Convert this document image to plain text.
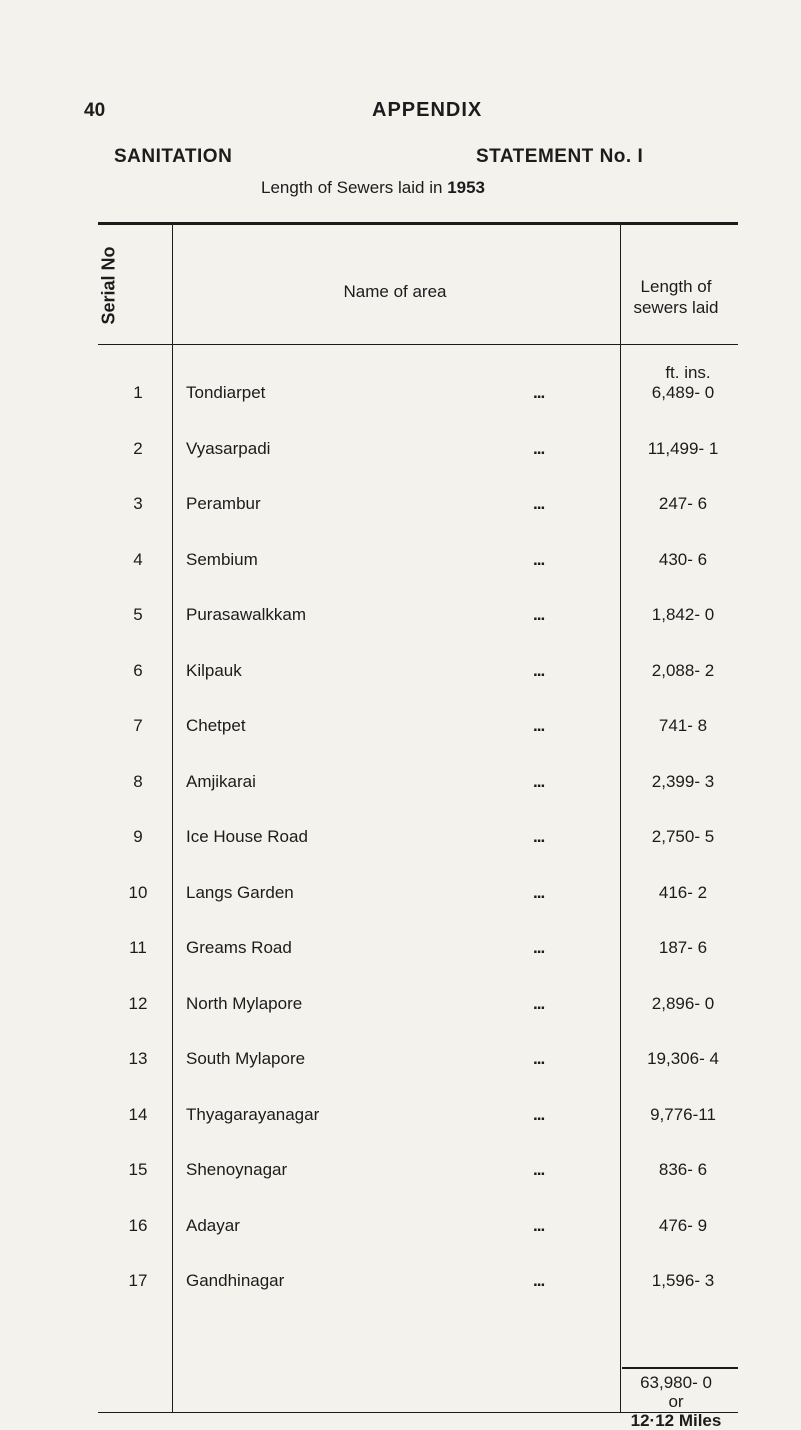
40	APPENDIX
SANITATION	STATEMENT No. I
Length of Sewers laid in 1953
Serial No	Name of area	Length of
sewers laid
ft. ins.
1	Tondiarpet	...	6,489- 0
2	Vyasarpadi	...	11,499- 1
3	Perambur	...	247- 6
4	Sembium	...	430- 6
5	Purasawalkkam	...	1,842- 0
6	Kilpauk	...	2,088- 2
7	Chetpet	...	741- 8
8	Amjikarai	...	2,399- 3
9	Ice House Road	...	2,750- 5
10	Langs Garden	...	416- 2
11	Greams Road	...	187- 6
12	North Mylapore	...	2,896- 0
13	South Mylapore	...	19,306- 4
14	Thyagarayanagar	...	9,776-11
15	Shenoynagar	...	836- 6
16	Adayar	...	476- 9
17	Gandhinagar	...	1,596- 3
63,980- 0
or
12·12 Miles
